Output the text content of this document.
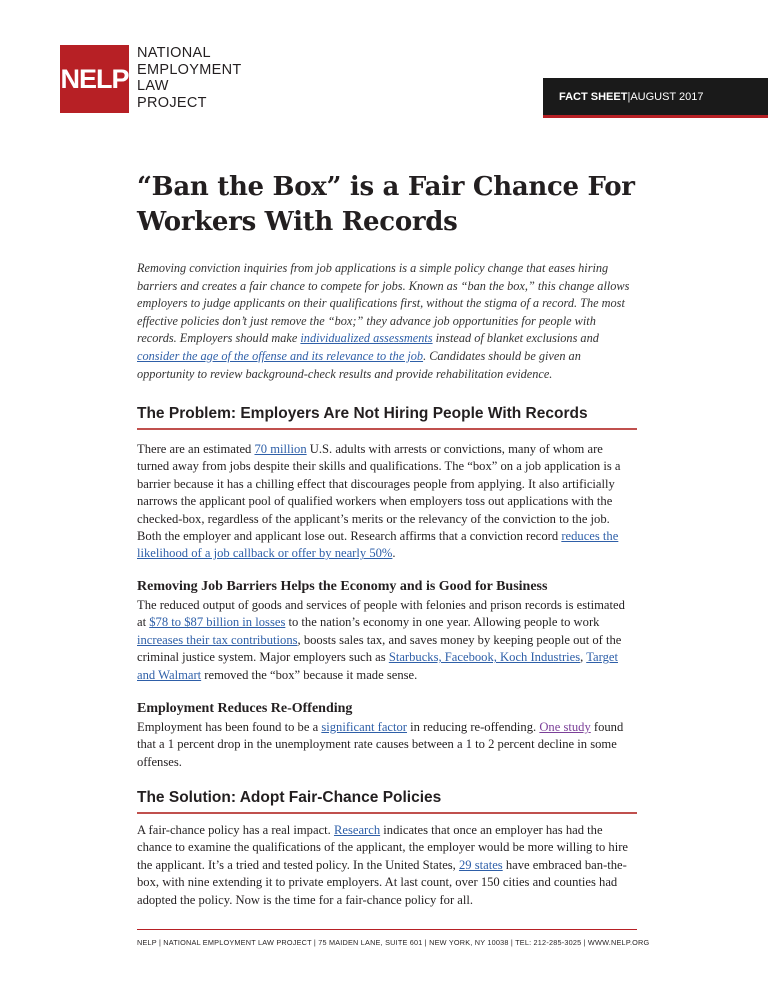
NELP
NATIONAL
EMPLOYMENT
LAW
PROJECT	FACT SHEET | AUGUST 2017
“Ban the Box” is a Fair Chance For Workers With Records

Removing conviction inquiries from job applications is a simple policy change that eases hiring barriers and creates a fair chance to compete for jobs. Known as “ban the box,” this change allows employers to judge applicants on their qualifications first, without the stigma of a record. The most effective policies don’t just remove the “box;” they advance job opportunities for people with records. Employers should make individualized assessments instead of blanket exclusions and consider the age of the offense and its relevance to the job. Candidates should be given an opportunity to review background-check results and provide rehabilitation evidence.

The Problem: Employers Are Not Hiring People With Records

There are an estimated 70 million U.S. adults with arrests or convictions, many of whom are turned away from jobs despite their skills and qualifications. The “box” on a job application is a barrier because it has a chilling effect that discourages people from applying. It also artificially narrows the applicant pool of qualified workers when employers toss out applications with the checked-box, regardless of the applicant’s merits or the relevancy of the conviction to the job. Both the employer and applicant lose out. Research affirms that a conviction record reduces the likelihood of a job callback or offer by nearly 50%.

Removing Job Barriers Helps the Economy and is Good for Business

The reduced output of goods and services of people with felonies and prison records is estimated at $78 to $87 billion in losses to the nation’s economy in one year. Allowing people to work increases their tax contributions, boosts sales tax, and saves money by keeping people out of the criminal justice system. Major employers such as Starbucks, Facebook, Koch Industries, Target and Walmart removed the “box” because it made sense.

Employment Reduces Re-Offending

Employment has been found to be a significant factor in reducing re-offending. One study found that a 1 percent drop in the unemployment rate causes between a 1 to 2 percent decline in some offenses.

The Solution: Adopt Fair-Chance Policies

A fair-chance policy has a real impact. Research indicates that once an employer has had the chance to examine the qualifications of the applicant, the employer would be more willing to hire the applicant. It’s a tried and tested policy. In the United States, 29 states have embraced ban-the-box, with nine extending it to private employers. At last count, over 150 cities and counties had adopted the policy. Now is the time for a fair-chance policy for all.

NELP | NATIONAL EMPLOYMENT LAW PROJECT | 75 MAIDEN LANE, SUITE 601 | NEW YORK, NY 10038 | TEL: 212-285-3025 | WWW.NELP.ORG
